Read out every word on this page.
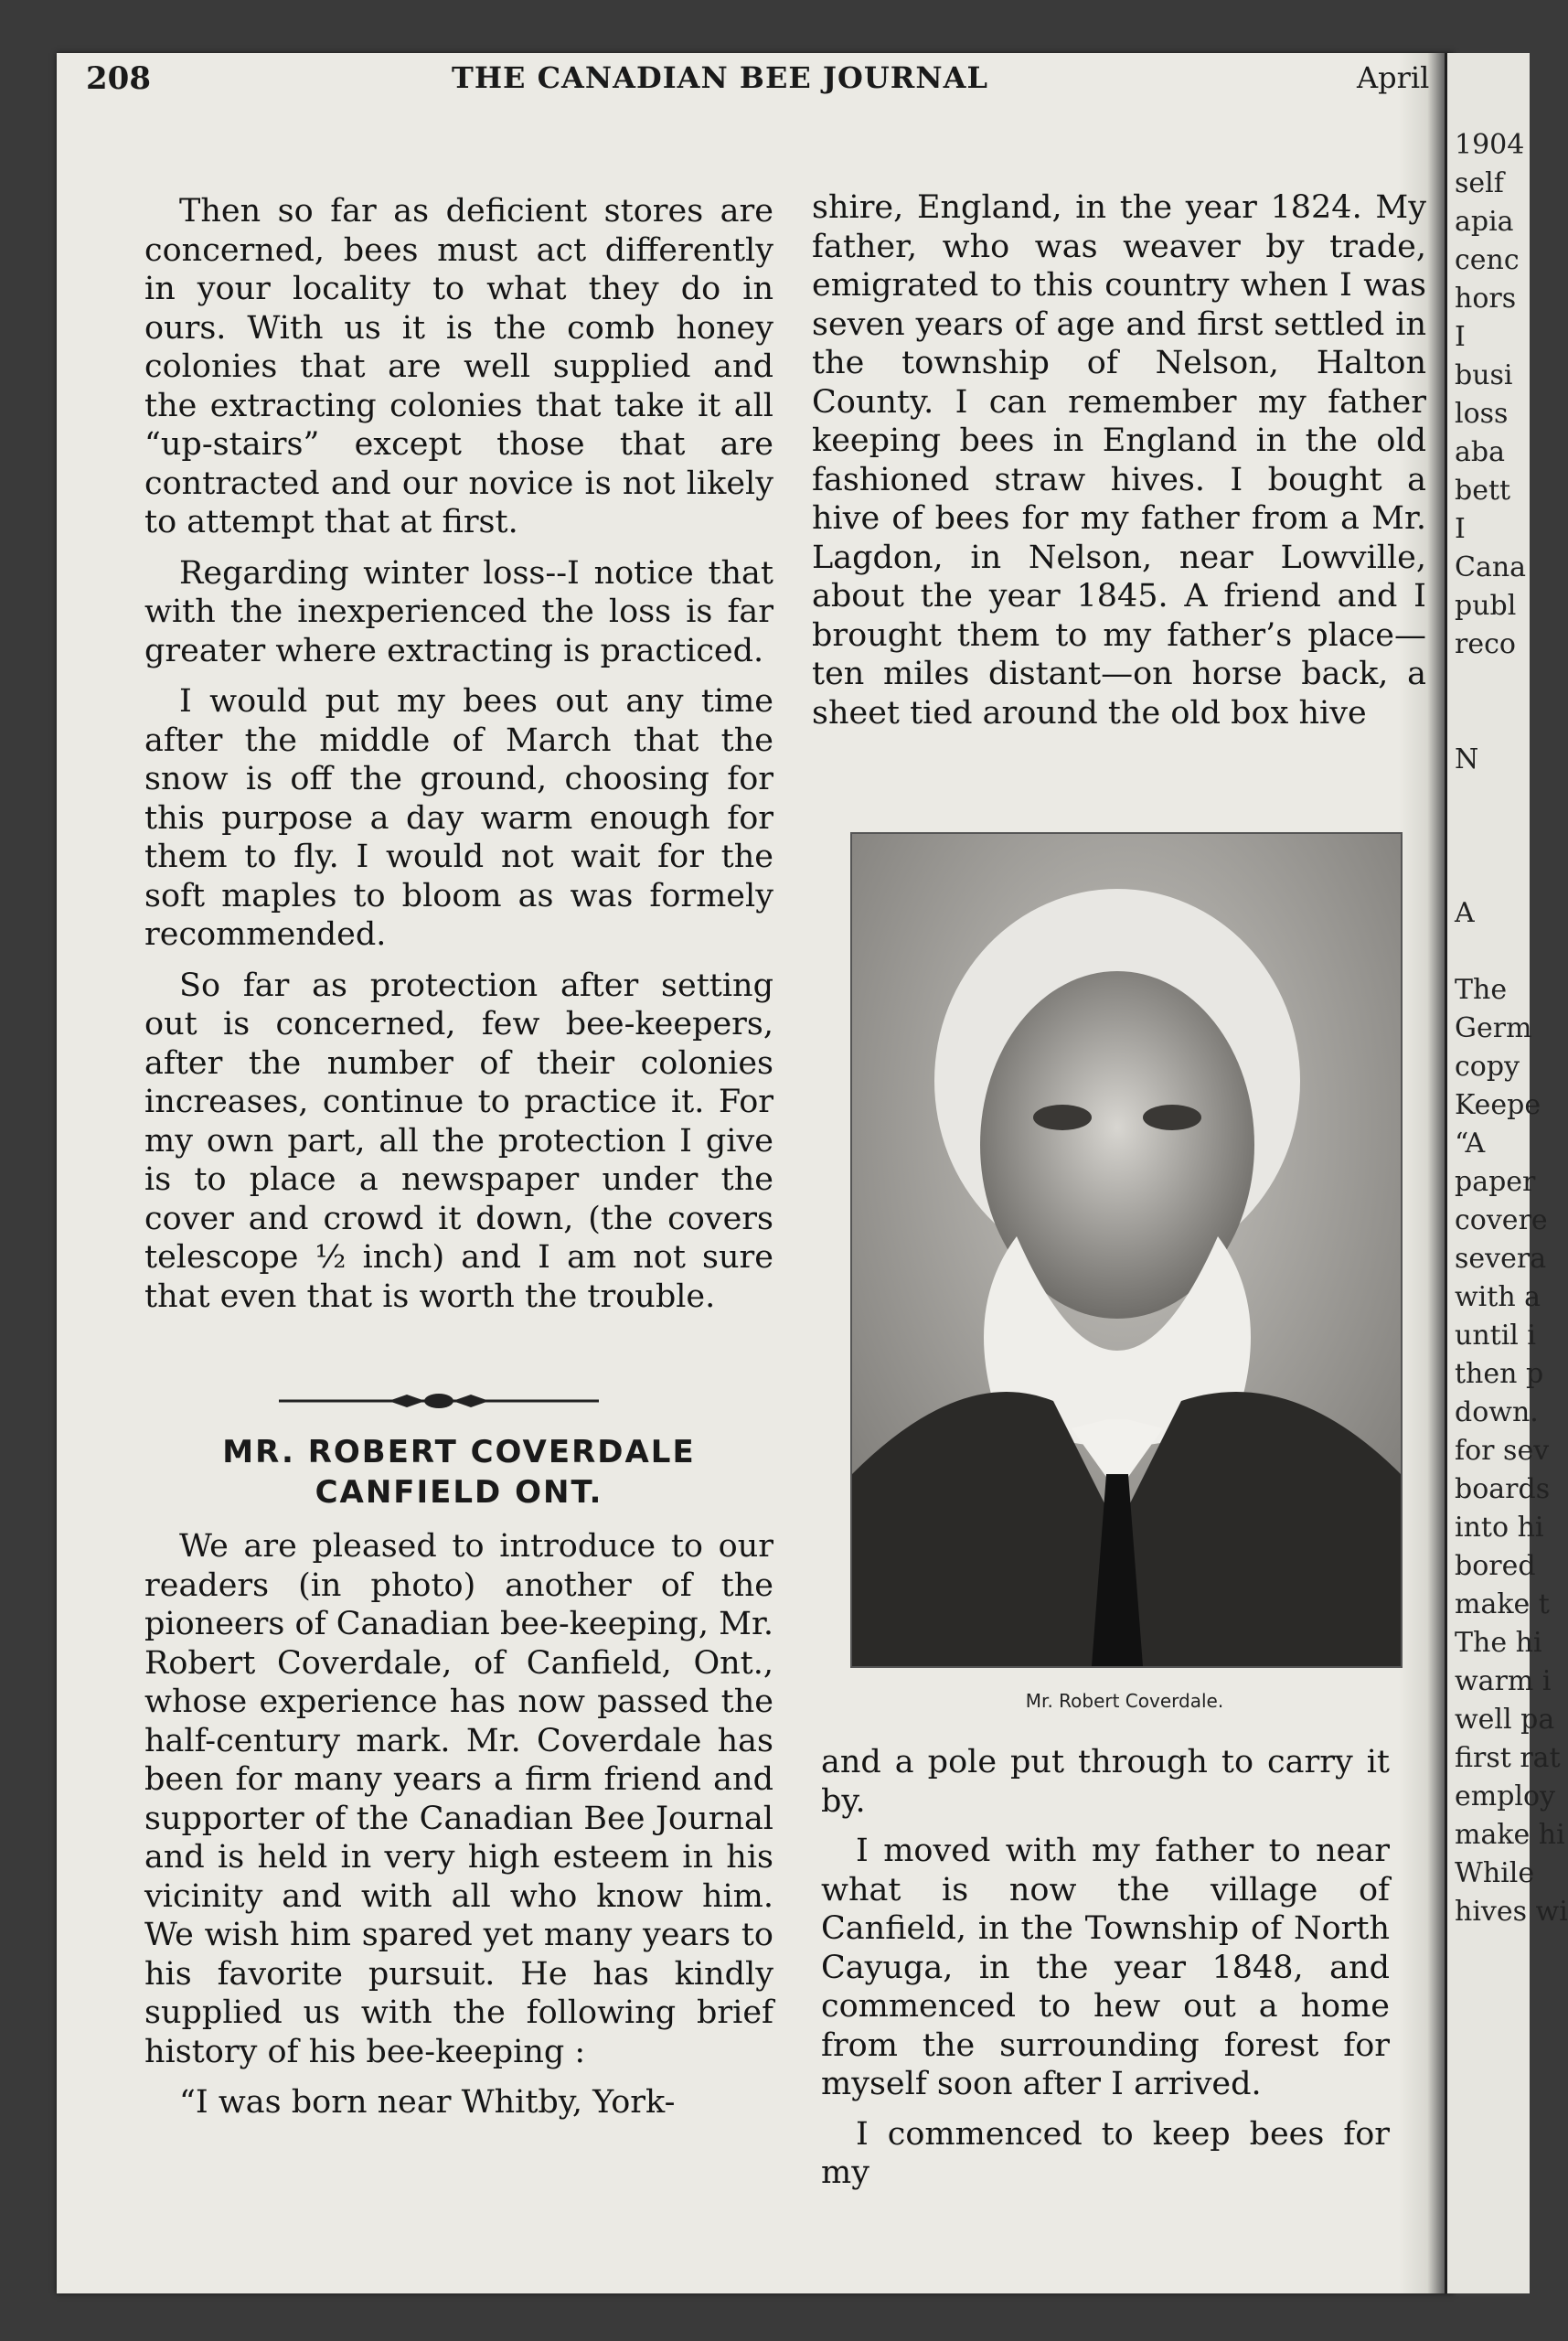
1904
self
apia
cenc
hors
I
busi
loss
aba
bett
I
Cana
publ
reco

N

A

The
Germ
copy
Keepe
“A
paper
covere
severa
with a
until i
then p
down.
for sev
boards
into hi
bored
make t
The hi
warm i
well pa
first rat
employ
make hi
While
hives wi
208	THE CANADIAN BEE JOURNAL	April

Then so far as deficient stores are concerned, bees must act differently in your locality to what they do in ours. With us it is the comb honey colonies that are well supplied and the extracting colonies that take it all “up-stairs” except those that are contracted and our novice is not likely to attempt that at first.

Regarding winter loss--I notice that with the inexperienced the loss is far greater where extracting is practiced.

I would put my bees out any time after the middle of March that the snow is off the ground, choosing for this purpose a day warm enough for them to fly. I would not wait for the soft maples to bloom as was formely recommended.

So far as protection after setting out is concerned, few bee-keepers, after the number of their colonies increases, continue to practice it. For my own part, all the protection I give is to place a newspaper under the cover and crowd it down, (the covers telescope ½ inch) and I am not sure that even that is worth the trouble.

MR. ROBERT COVERDALE
CANFIELD ONT.

We are pleased to introduce to our readers (in photo) another of the pioneers of Canadian bee-keeping, Mr. Robert Coverdale, of Canfield, Ont., whose experience has now passed the half-century mark. Mr. Coverdale has been for many years a firm friend and supporter of the Canadian Bee Journal and is held in very high esteem in his vicinity and with all who know him. We wish him spared yet many years to his favorite pursuit. He has kindly supplied us with the following brief history of his bee-keeping :

“I was born near Whitby, York-

shire, England, in the year 1824. My father, who was weaver by trade, emigrated to this country when I was seven years of age and first settled in the township of Nelson, Halton County. I can remember my father keeping bees in England in the old fashioned straw hives. I bought a hive of bees for my father from a Mr. Lagdon, in Nelson, near Lowville, about the year 1845. A friend and I brought them to my father’s place—ten miles distant—on horse back, a sheet tied around the old box hive

Mr. Robert Coverdale.

and a pole put through to carry it by.

I moved with my father to near what is now the village of Canfield, in the Township of North Cayuga, in the year 1848, and commenced to hew out a home from the surrounding forest for myself soon after I arrived.

I commenced to keep bees for my
